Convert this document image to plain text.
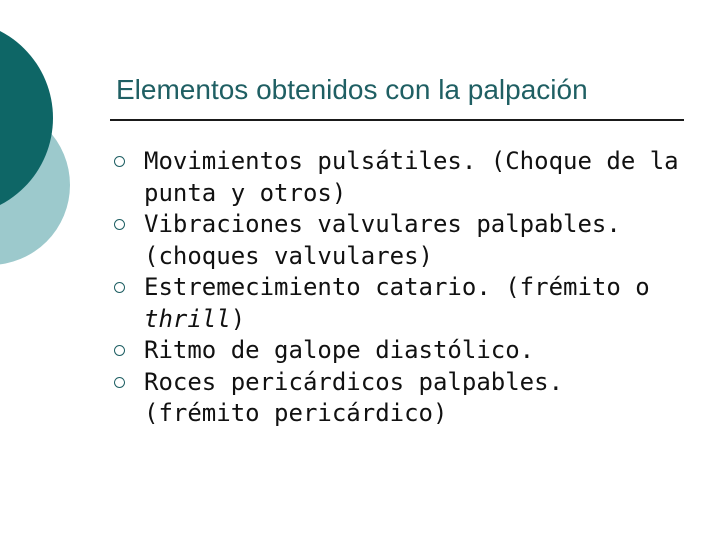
Elementos obtenidos con la palpación
Movimientos pulsátiles. (Choque de la punta y otros)
Vibraciones valvulares palpables. (choques valvulares)
Estremecimiento catario. (frémito o thrill)
Ritmo de galope diastólico.
Roces pericárdicos palpables. (frémito pericárdico)
